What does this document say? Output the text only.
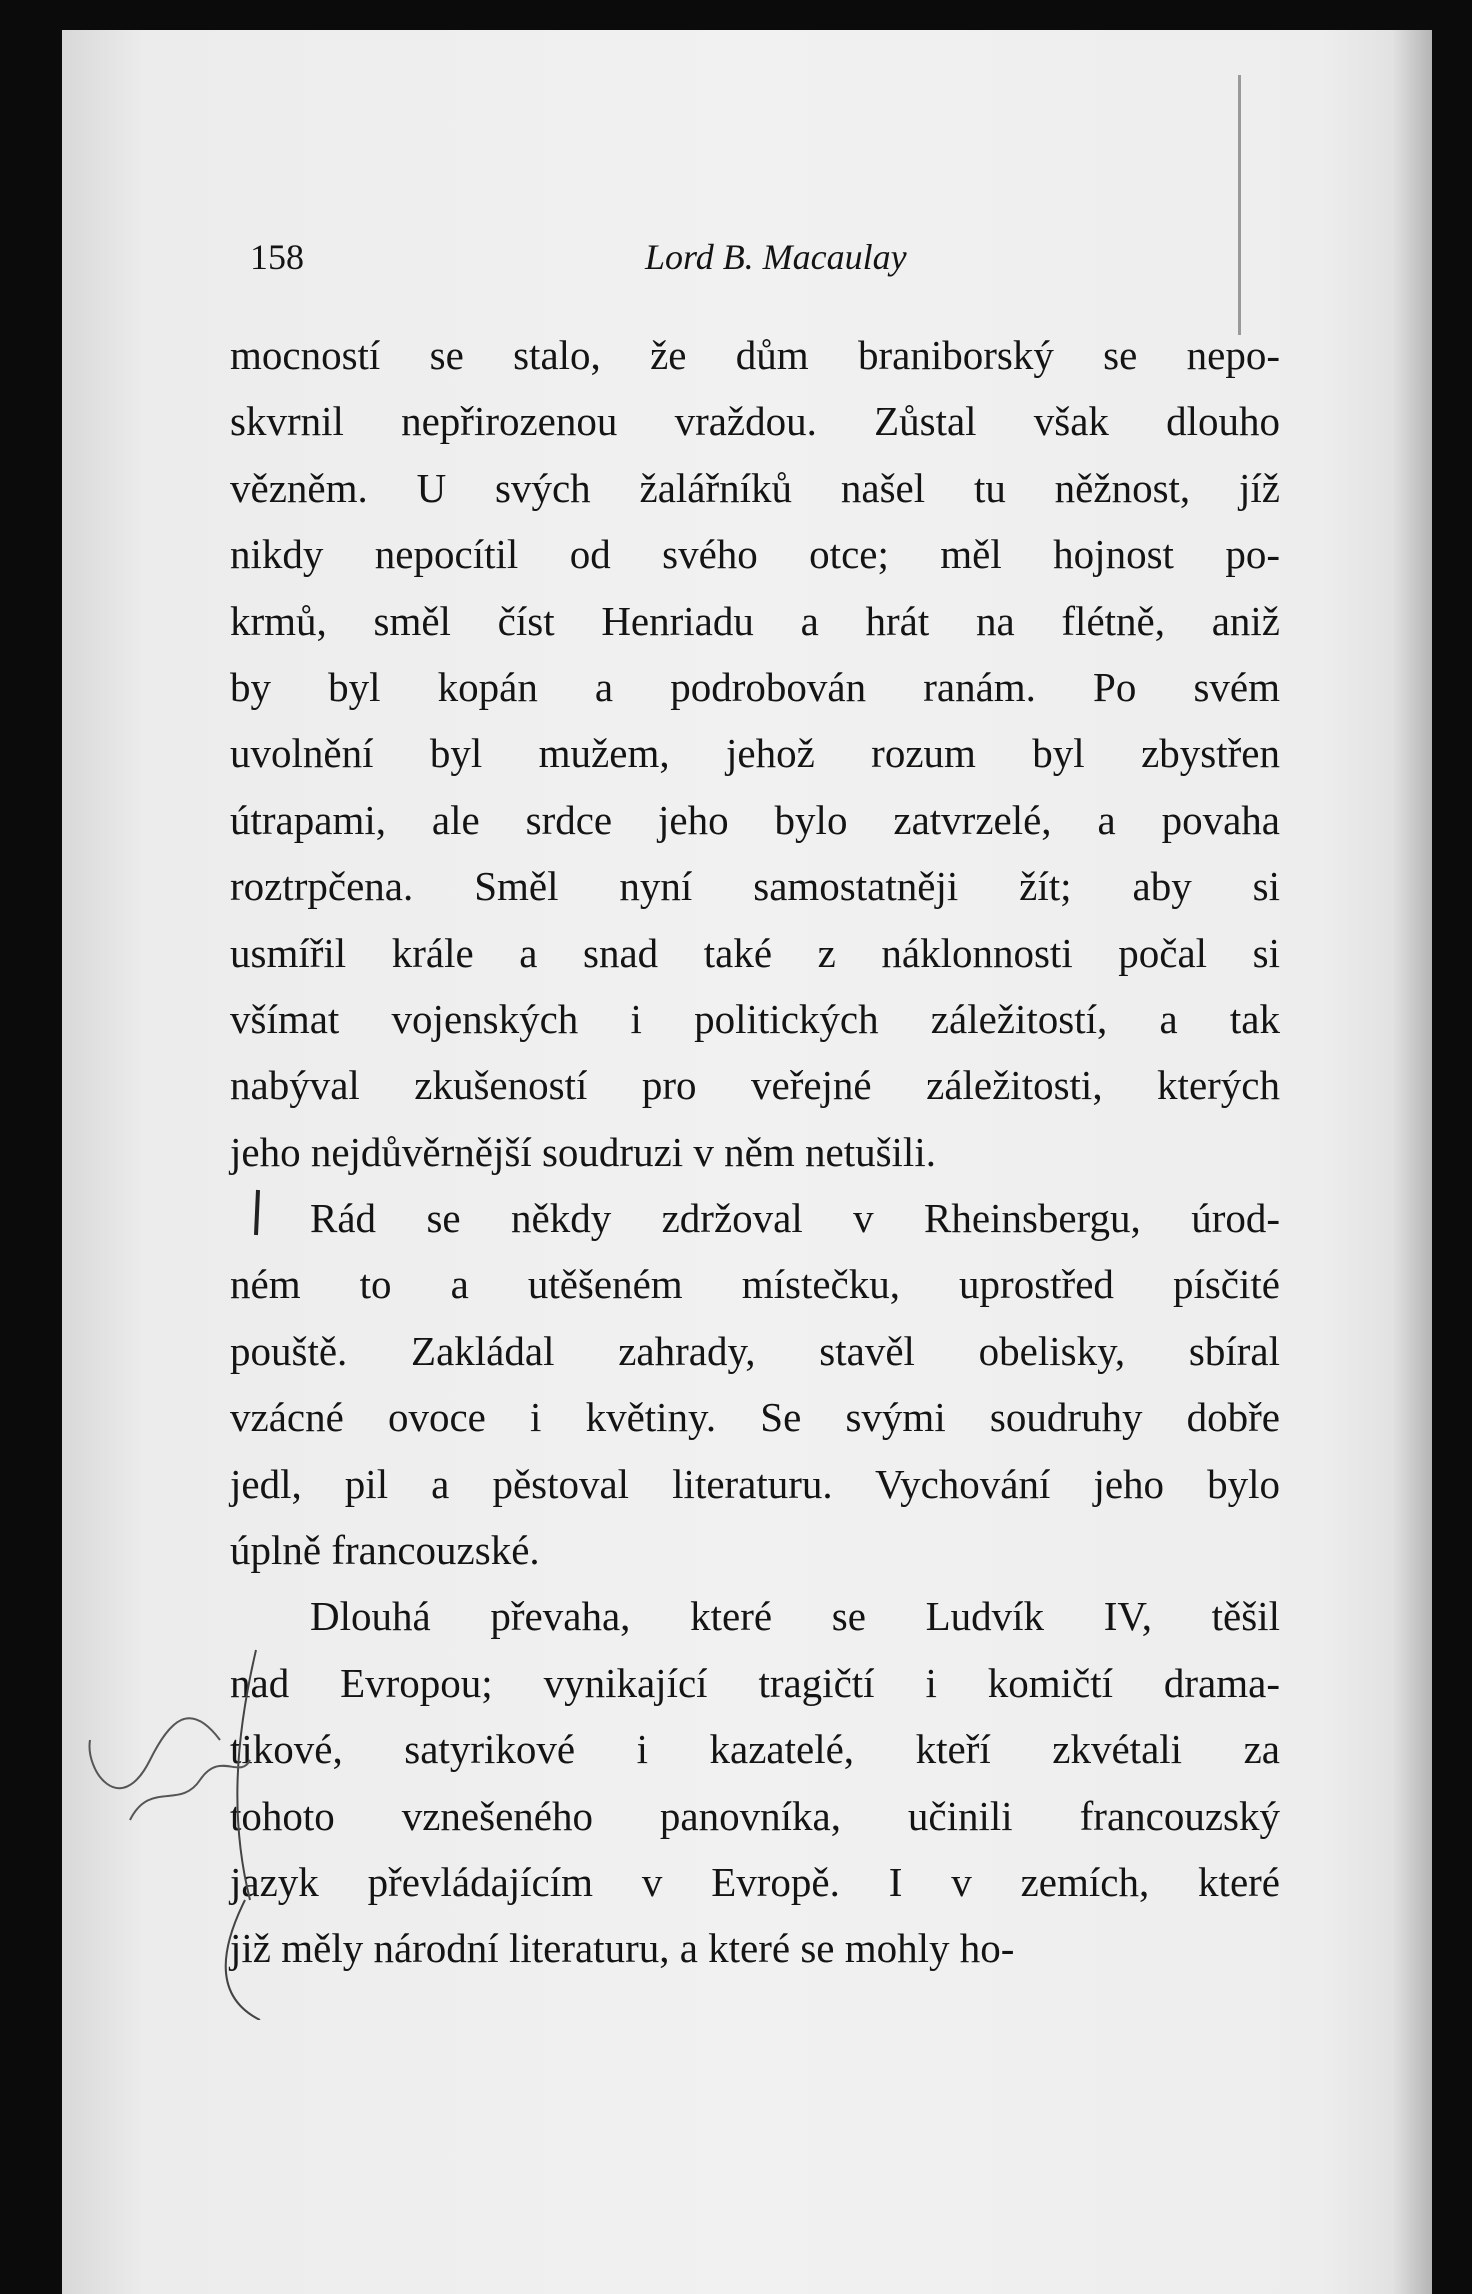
158	Lord B. Macaulay

mocností se stalo, že dům braniborský se nepo-
skvrnil nepřirozenou vraždou. Zůstal však dlouho
vězněm. U svých žalářníků našel tu něžnost, jíž
nikdy nepocítil od svého otce; měl hojnost po-
krmů, směl číst Henriadu a hrát na flétně, aniž
by byl kopán a podrobován ranám. Po svém
uvolnění byl mužem, jehož rozum byl zbystřen
útrapami, ale srdce jeho bylo zatvrzelé, a povaha
roztrpčena. Směl nyní samostatněji žít; aby si
usmířil krále a snad také z náklonnosti počal si
všímat vojenských i politických záležitostí, a tak
nabýval zkušeností pro veřejné záležitosti, kterých
jeho nejdůvěrnější soudruzi v něm netušili.

Rád se někdy zdržoval v Rheinsbergu, úrod-
ném to a utěšeném místečku, uprostřed písčité
pouště. Zakládal zahrady, stavěl obelisky, sbíral
vzácné ovoce i květiny. Se svými soudruhy dobře
jedl, pil a pěstoval literaturu. Vychování jeho bylo
úplně francouzské.

Dlouhá převaha, které se Ludvík IV, těšil
nad Evropou; vynikající tragičtí i komičtí drama-
tikové, satyrikové i kazatelé, kteří zkvétali za
tohoto vznešeného panovníka, učinili francouzský
jazyk převládajícím v Evropě. I v zemích, které
již měly národní literaturu, a které se mohly ho-
